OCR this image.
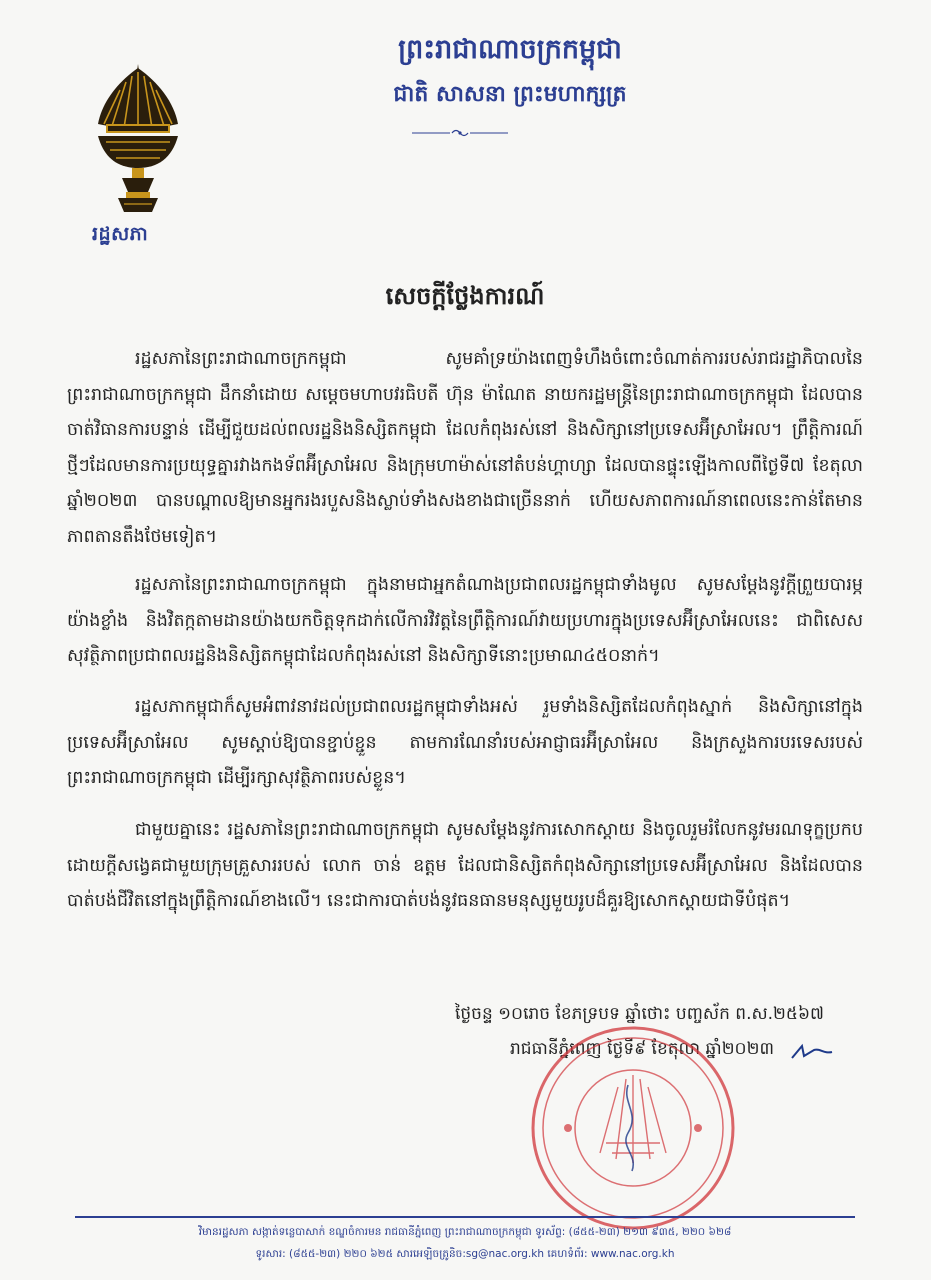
រដ្ឋសភា
ព្រះរាជាណាចក្រកម្ពុជា
ជាតិ សាសនា ព្រះមហាក្សត្រ
សេចក្ដីថ្លែងការណ៍
រដ្ឋសភានៃព្រះរាជាណាចក្រកម្ពុជា សូមគាំទ្រយ៉ាងពេញទំហឹងចំពោះចំណាត់ការរបស់រាជរដ្ឋាភិបាលនៃព្រះរាជាណាចក្រកម្ពុជា ដឹកនាំដោយ សម្ដេចមហាបវរធិបតី ហ៊ុន ម៉ាណែត នាយករដ្ឋមន្ត្រីនៃព្រះរាជាណាចក្រកម្ពុជា ដែលបានចាត់វិធានការបន្ទាន់ ដើម្បីជួយដល់ពលរដ្ឋនិងនិស្សិតកម្ពុជា ដែលកំពុងរស់នៅ និងសិក្សានៅប្រទេសអ៊ីស្រាអែល។ ព្រឹត្តិការណ៍ថ្មីៗដែលមានការប្រយុទ្ធគ្នារវាងកងទ័ពអ៊ីស្រាអែល និងក្រុមហាម៉ាស់នៅតំបន់ហ្គាហ្សា ដែលបានផ្ទុះឡើងកាលពីថ្ងៃទី៧ ខែតុលា ឆ្នាំ២០២៣ បានបណ្ដាលឱ្យមានអ្នករងរបួសនិងស្លាប់ទាំងសងខាងជាច្រើននាក់ ហើយសភាពការណ៍នាពេលនេះកាន់តែមានភាពតានតឹងថែមទៀត។
រដ្ឋសភានៃព្រះរាជាណាចក្រកម្ពុជា ក្នុងនាមជាអ្នកតំណាងប្រជាពលរដ្ឋកម្ពុជាទាំងមូល សូមសម្ដែងនូវក្ដីព្រួយបារម្ភយ៉ាងខ្លាំង និងវិតក្កតាមដានយ៉ាងយកចិត្តទុកដាក់លើការវិវត្តនៃព្រឹត្តិការណ៍វាយប្រហារក្នុងប្រទេសអ៊ីស្រាអែលនេះ ជាពិសេស សុវត្ថិភាពប្រជាពលរដ្ឋនិងនិស្សិតកម្ពុជាដែលកំពុងរស់នៅ និងសិក្សាទីនោះប្រមាណ៤៥០នាក់។
រដ្ឋសភាកម្ពុជាក៏សូមអំពាវនាវដល់ប្រជាពលរដ្ឋកម្ពុជាទាំងអស់ រួមទាំងនិស្សិតដែលកំពុងស្នាក់ និងសិក្សានៅក្នុងប្រទេសអ៊ីស្រាអែល សូមស្ដាប់ឱ្យបានខ្ជាប់ខ្ជួន តាមការណែនាំរបស់អាជ្ញាធរអ៊ីស្រាអែល និងក្រសួងការបរទេសរបស់ព្រះរាជាណាចក្រកម្ពុជា ដើម្បីរក្សាសុវត្ថិភាពរបស់ខ្លួន។
ជាមួយគ្នានេះ រដ្ឋសភានៃព្រះរាជាណាចក្រកម្ពុជា សូមសម្ដែងនូវការសោកស្ដាយ និងចូលរួមរំលែកនូវមរណទុក្ខប្រកបដោយក្ដីសង្វេគជាមួយក្រុមគ្រួសាររបស់ លោក ចាន់ ឧត្ដម ដែលជានិស្សិតកំពុងសិក្សានៅប្រទេសអ៊ីស្រាអែល និងដែលបានបាត់បង់ជីវិតនៅក្នុងព្រឹត្តិការណ៍ខាងលើ។ នេះជាការបាត់បង់នូវធនធានមនុស្សមួយរូបដ៏គួរឱ្យសោកស្ដាយជាទីបំផុត។
ថ្ងៃចន្ទ ១០រោច ខែភទ្របទ ឆ្នាំថោះ បញ្ចស័ក ព.ស.២៥៦៧
រាជធានីភ្នំពេញ ថ្ងៃទី៩ ខែតុលា ឆ្នាំ២០២៣
វិមានរដ្ឋសភា សង្កាត់ទន្លេបាសាក់ ខណ្ឌចំការមន រាជធានីភ្នំពេញ ព្រះរាជាណាចក្រកម្ពុជា ទូរស័ព្ទ: (៨៥៥-២៣) ២១៣ ៩៣៥, ២២០ ៦២៨
ទូរសារ: (៨៥៥-២៣) ២២០ ៦២៥ សារអេឡិចត្រូនិច:sg@nac.org.kh គេហទំព័រ: www.nac.org.kh
